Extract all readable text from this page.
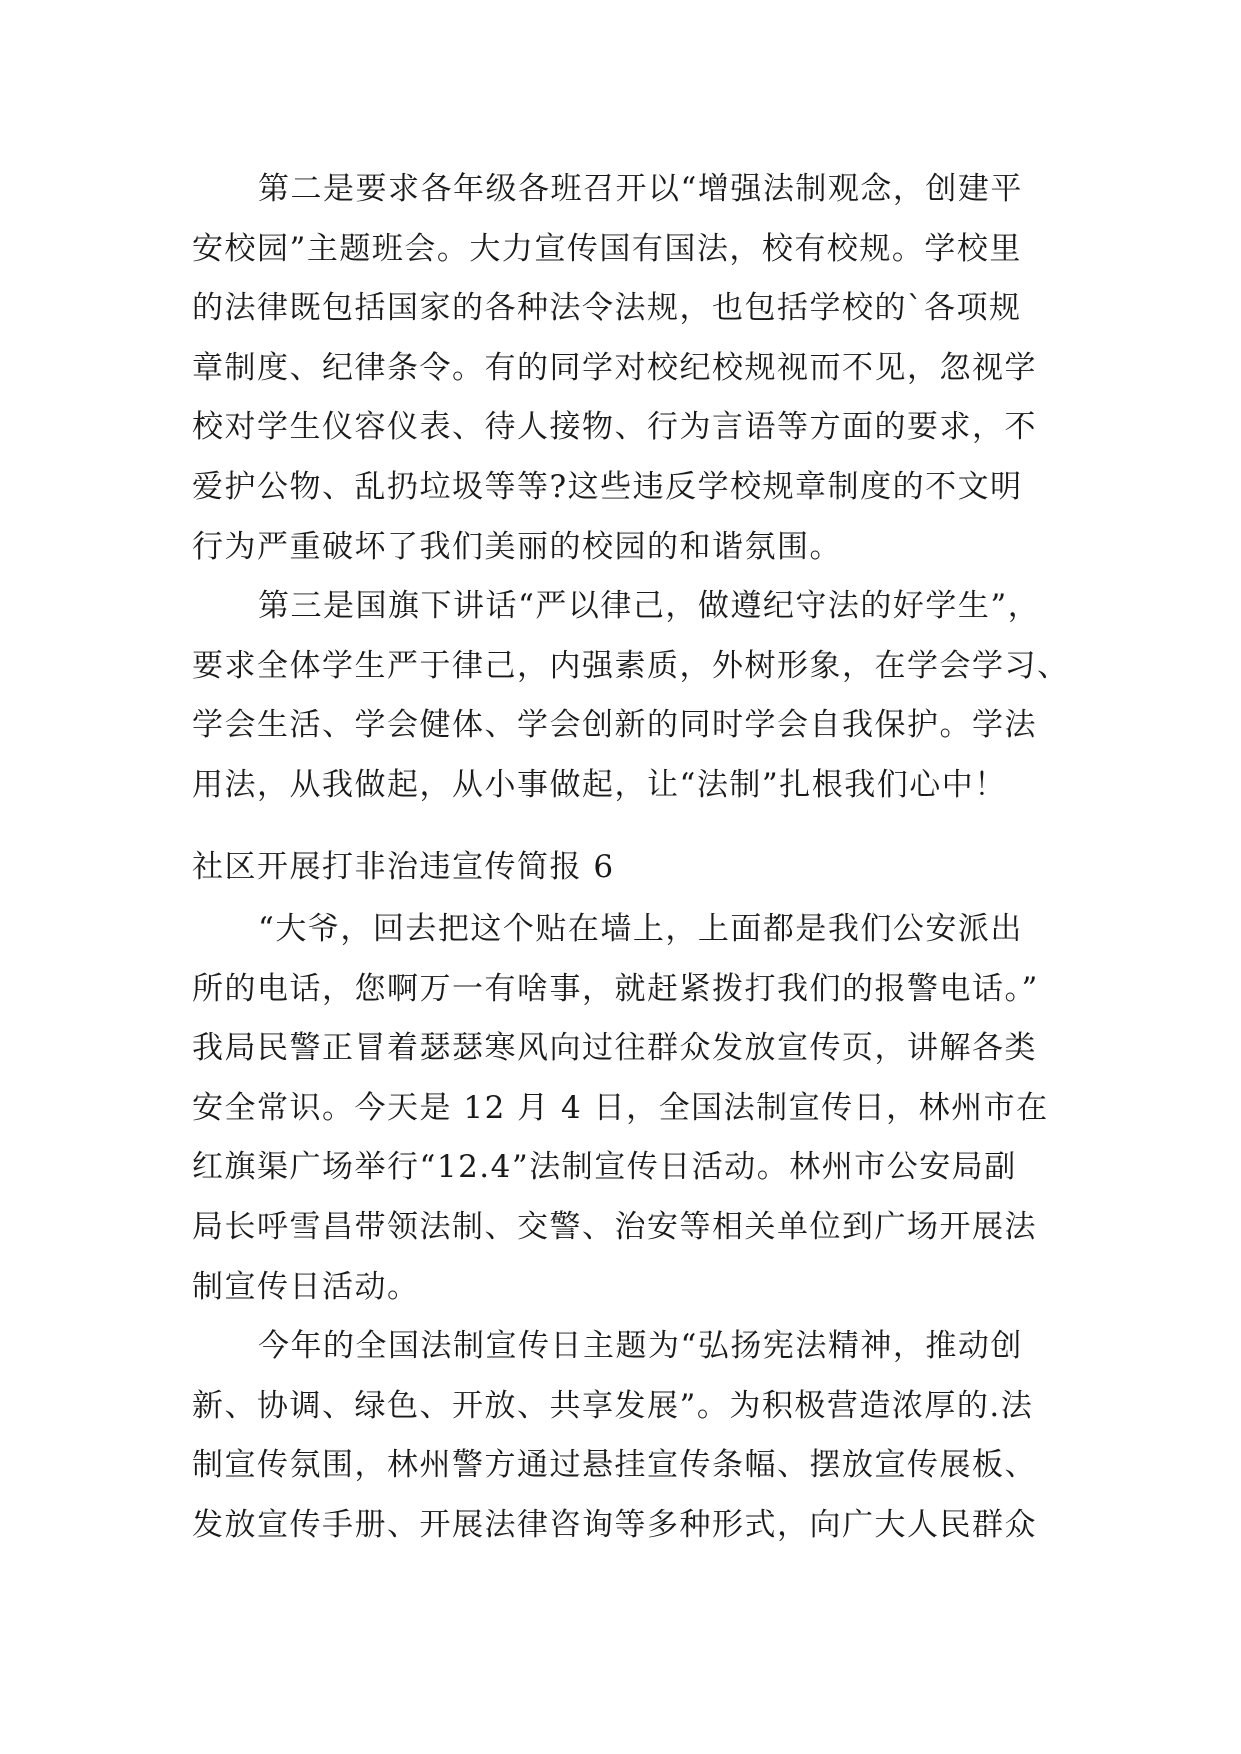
第二是要求各年级各班召开以“增强法制观念，创建平
安校园”主题班会。大力宣传国有国法，校有校规。学校里
的法律既包括国家的各种法令法规，也包括学校的`各项规
章制度、纪律条令。有的同学对校纪校规视而不见，忽视学
校对学生仪容仪表、待人接物、行为言语等方面的要求，不
爱护公物、乱扔垃圾等等?这些违反学校规章制度的不文明
行为严重破坏了我们美丽的校园的和谐氛围。

第三是国旗下讲话“严以律己，做遵纪守法的好学生”，
要求全体学生严于律己，内强素质，外树形象，在学会学习、
学会生活、学会健体、学会创新的同时学会自我保护。学法
用法，从我做起，从小事做起，让“法制”扎根我们心中！

社区开展打非治违宣传简报 6

“大爷，回去把这个贴在墙上，上面都是我们公安派出
所的电话，您啊万一有啥事，就赶紧拨打我们的报警电话。”
我局民警正冒着瑟瑟寒风向过往群众发放宣传页，讲解各类
安全常识。今天是 12 月 4 日，全国法制宣传日，林州市在
红旗渠广场举行“12.4”法制宣传日活动。林州市公安局副
局长呼雪昌带领法制、交警、治安等相关单位到广场开展法
制宣传日活动。

今年的全国法制宣传日主题为“弘扬宪法精神，推动创
新、协调、绿色、开放、共享发展”。为积极营造浓厚的.法
制宣传氛围，林州警方通过悬挂宣传条幅、摆放宣传展板、
发放宣传手册、开展法律咨询等多种形式，向广大人民群众
